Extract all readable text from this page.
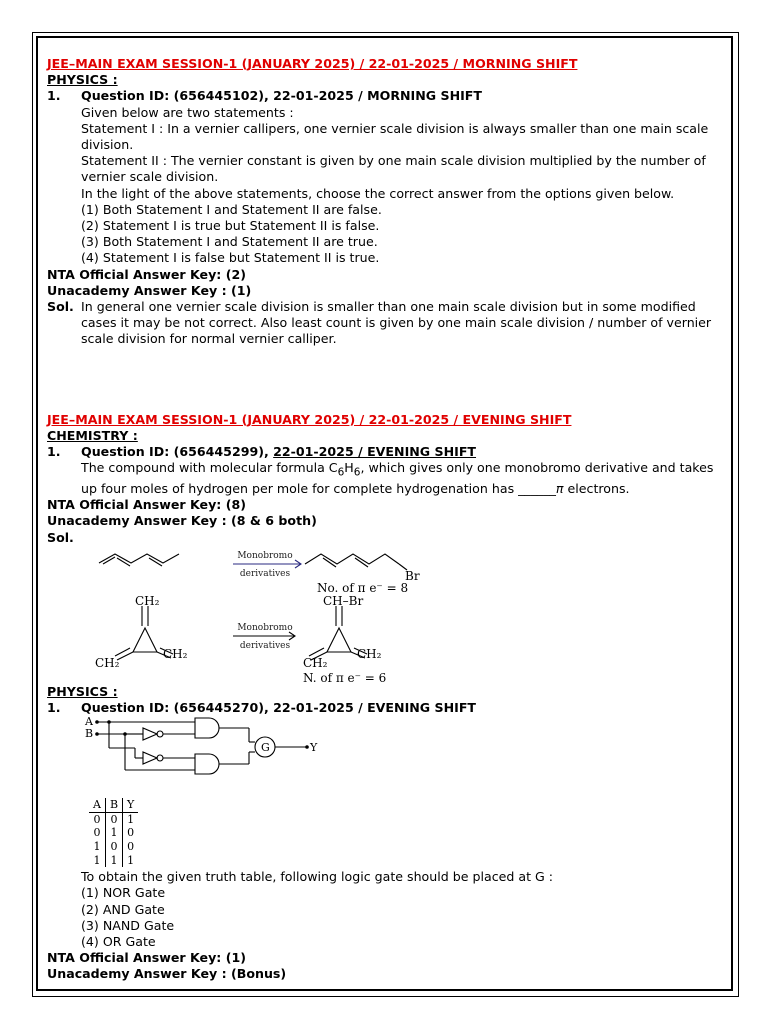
JEE–MAIN EXAM SESSION-1 (JANUARY 2025) / 22-01-2025 / MORNING SHIFT

PHYSICS :

1.	Question ID: (656445102), 22-01-2025 / MORNING SHIFT

Given below are two statements :

Statement I : In a vernier callipers, one vernier scale division is always smaller than one main scale division.

Statement II : The vernier constant is given by one main scale division multiplied by the number of vernier scale division.

In the light of the above statements, choose the correct answer from the options given below.

(1) Both Statement I and Statement II are false.

(2) Statement I is true but Statement II is false.

(3) Both Statement I and Statement II are true.

(4) Statement I is false but Statement II is true.

NTA Official Answer Key: (2)

Unacademy Answer Key : (1)

Sol. In general one vernier scale division is smaller than one main scale division but in some modified cases it may be not correct. Also least count is given by one main scale division / number of vernier scale division for normal vernier calliper.

JEE–MAIN EXAM SESSION-1 (JANUARY 2025) / 22-01-2025 / EVENING SHIFT

CHEMISTRY :

1.	Question ID: (656445299), 22-01-2025 / EVENING SHIFT

The compound with molecular formula $C_6H_6$, which gives only one monobromo derivative and takes up four moles of hydrogen per mole for complete hydrogenation has ______π electrons.

NTA Official Answer Key: (8)

Unacademy Answer Key : (8 & 6 both)

Sol.

Monobromo
derivatives
Monobromo
derivatives
Br
No. of π e⁻ = 8
CH₂
CH₂
CH₂
CH–Br
CH₂
CH₂
N. of π e⁻ = 6

PHYSICS :

1.	Question ID: (656445270), 22-01-2025 / EVENING SHIFT
A
B
G	Y
A	B	Y
0	0	1
0	1	0
1	0	0
1	1	1

To obtain the given truth table, following logic gate should be placed at G :

(1) NOR Gate

(2) AND Gate

(3) NAND Gate

(4) OR Gate

NTA Official Answer Key: (1)

Unacademy Answer Key : (Bonus)
